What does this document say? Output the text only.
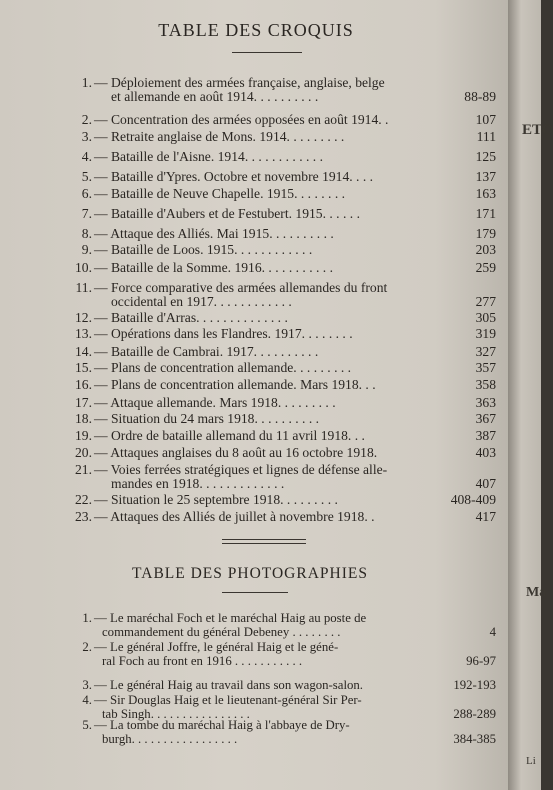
ETO
Ma
Li
TABLE DES CROQUIS
TABLE DES PHOTOGRAPHIES
1. — Déploiement des armées française, anglaise, belge
et allemande en août 1914. . . . . . . . . .	88-89
2. — Concentration des armées opposées en août 1914. .	107
3. — Retraite anglaise de Mons. 1914. . . . . . . . .	111
4. — Bataille de l'Aisne. 1914. . . . . . . . . . . .	125
5. — Bataille d'Ypres. Octobre et novembre 1914. . . .	137
6. — Bataille de Neuve Chapelle. 1915. . . . . . . .	163
7. — Bataille d'Aubers et de Festubert. 1915. . . . . .	171
8. — Attaque des Alliés. Mai 1915. . . . . . . . . .	179
9. — Bataille de Loos. 1915. . . . . . . . . . . .	203
10. — Bataille de la Somme. 1916. . . . . . . . . . .	259
11. — Force comparative des armées allemandes du front
occidental en 1917. . . . . . . . . . . .	277
12. — Bataille d'Arras. . . . . . . . . . . . . .	305
13. — Opérations dans les Flandres. 1917. . . . . . . .	319
14. — Bataille de Cambrai. 1917. . . . . . . . . .	327
15. — Plans de concentration allemande. . . . . . . . .	357
16. — Plans de concentration allemande. Mars 1918. . .	358
17. — Attaque allemande. Mars 1918. . . . . . . . .	363
18. — Situation du 24 mars 1918. . . . . . . . . .	367
19. — Ordre de bataille allemand du 11 avril 1918. . .	387
20. — Attaques anglaises du 8 août au 16 octobre 1918.	403
21. — Voies ferrées stratégiques et lignes de défense alle-
mandes en 1918. . . . . . . . . . . . .	407
22. — Situation le 25 septembre 1918. . . . . . . . .	408-409
23. — Attaques des Alliés de juillet à novembre 1918. .	417
1. — Le maréchal Foch et le maréchal Haig au poste de
commandement du général Debeney . . . . . . . .	4
2. — Le général Joffre, le général Haig et le géné-
ral Foch au front en 1916 . . . . . . . . . . .	96-97
3. — Le général Haig au travail dans son wagon-salon.	192-193
4. — Sir Douglas Haig et le lieutenant-général Sir Per-
tab Singh. . . . . . . . . . . . . . . .	288-289
5. — La tombe du maréchal Haig à l'abbaye de Dry-
burgh. . . . . . . . . . . . . . . . .	384-385
